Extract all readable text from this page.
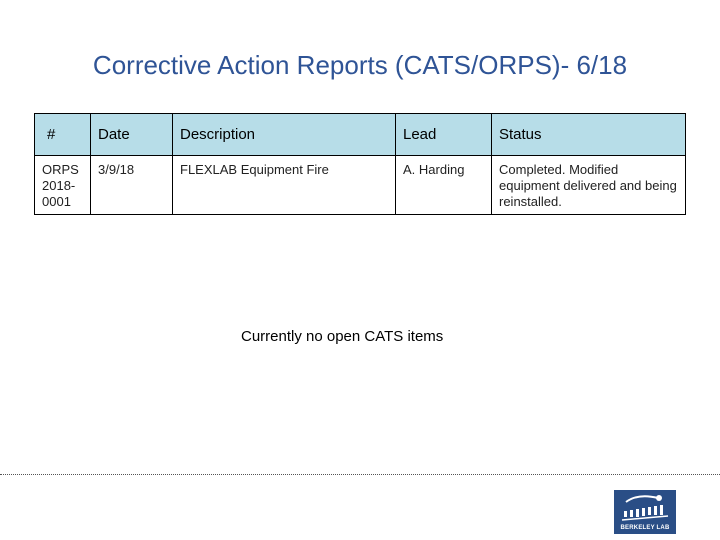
Corrective Action Reports (CATS/ORPS)- 6/18
#	Date	Description	Lead	Status
ORPS 2018-0001	3/9/18	FLEXLAB Equipment Fire	A. Harding	Completed. Modified equipment delivered and being reinstalled.
Currently no open CATS items
BERKELEY LAB
